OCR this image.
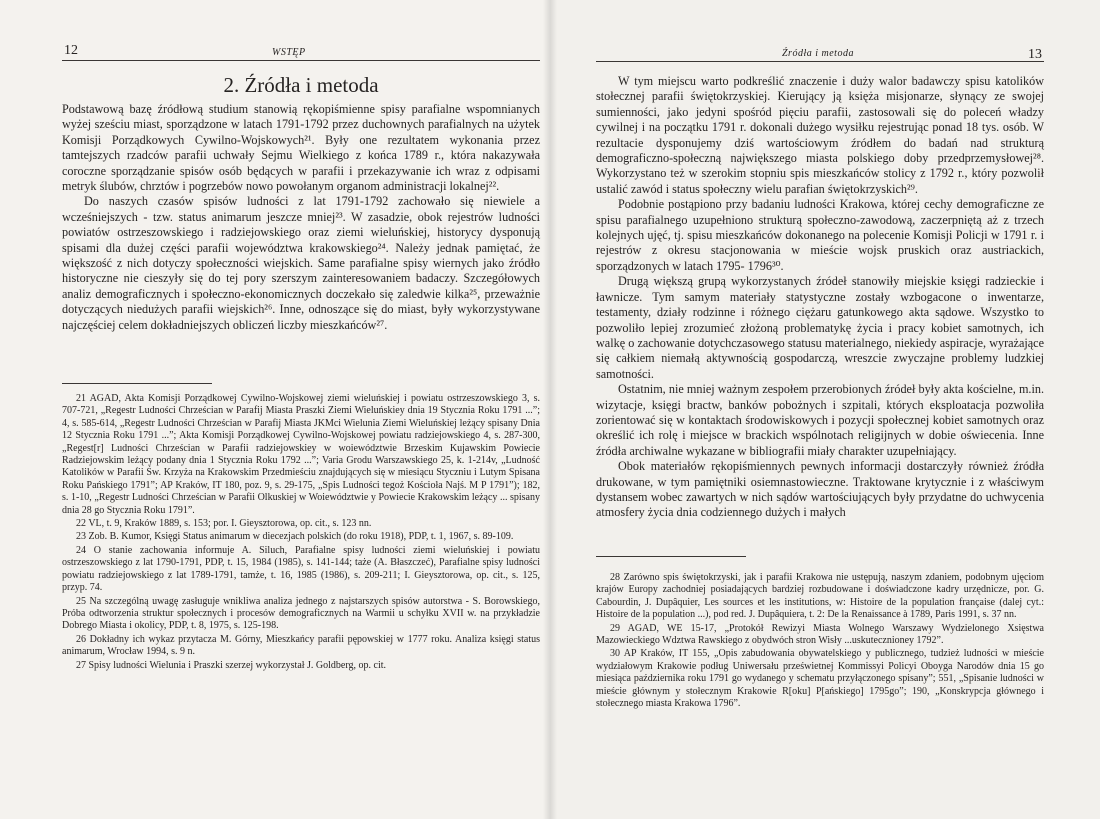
12	WSTĘP
2. Źródła i metoda

Podstawową bazę źródłową studium stanowią rękopiśmienne spisy parafialne wspomnianych wyżej sześciu miast, sporządzone w latach 1791-1792 przez duchownych parafialnych na użytek Komisji Porządkowych Cywilno-Wojskowych²¹. Były one rezultatem wykonania przez tamtejszych rzadców parafii uchwały Sejmu Wielkiego z końca 1789 r., która nakazywała coroczne sporządzanie spisów osób będących w parafii i przekazywanie ich wraz z odpisami metryk ślubów, chrztów i pogrzebów nowo powołanym organom administracji lokalnej²².

Do naszych czasów spisów ludności z lat 1791-1792 zachowało się niewiele a wcześniejszych - tzw. status animarum jeszcze mniej²³. W zasadzie, obok rejestrów ludności powiatów ostrzeszowskiego i radziejowskiego oraz ziemi wieluńskiej, historycy dysponują spisami dla dużej części parafii województwa krakowskiego²⁴. Należy jednak pamiętać, że większość z nich dotyczy społeczności wiejskich. Same parafialne spisy wiernych jako źródło historyczne nie cieszyły się do tej pory szerszym zainteresowaniem badaczy. Szczegółowych analiz demograficznych i społeczno-ekonomicznych doczekało się zaledwie kilka²⁵, przeważnie dotyczących niedużych parafii wiejskich²⁶. Inne, odnoszące się do miast, były wykorzystywane najczęściej celem dokładniejszych obliczeń liczby mieszkańców²⁷.

21 AGAD, Akta Komisji Porządkowej Cywilno-Wojskowej ziemi wieluńskiej i powiatu ostrzeszowskiego 3, s. 707-721, „Regestr Ludności Chrześcian w Parafij Miasta Praszki Ziemi Wieluńskiey dnia 19 Stycznia Roku 1791 ...”; 4, s. 585-614, „Regestr Ludności Chrześcian w Parafij Miasta JKMci Wielunia Ziemi Wieluńskiej leżący spisany Dnia 12 Stycznia Roku 1791 ...”; Akta Komisji Porządkowej Cywilno-Wojskowej powiatu radziejowskiego 4, s. 287-300, „Regest[r] Ludności Chrześcian w Parafii radziejowskiey w woiewództwie Brzeskim Kujawskim Powiecie Radziejowskim leżący podany dnia 1 Stycznia Roku 1792 ...”; Varia Grodu Warszawskiego 25, k. 1-214v, „Ludność Katolików w Parafii Św. Krzyża na Krakowskim Przedmieściu znajdujących się w miesiącu Styczniu i Lutym Spisana Roku Pańskiego 1791”; AP Kraków, IT 180, poz. 9, s. 29-175, „Spis Ludności tegoż Kościoła Najś. M P 1791”); 182, s. 1-10, „Regestr Ludności Chrześcian w Parafii Olkuskiej w Woiewództwie y Powiecie Krakowskim leżący ... spisany dnia 28 go Stycznia Roku 1791”.

22 VL, t. 9, Kraków 1889, s. 153; por. I. Gieysztorowa, op. cit., s. 123 nn.

23 Zob. B. Kumor, Księgi Status animarum w diecezjach polskich (do roku 1918), PDP, t. 1, 1967, s. 89-109.

24 O stanie zachowania informuje A. Siluch, Parafialne spisy ludności ziemi wieluńskiej i powiatu ostrzeszowskiego z lat 1790-1791, PDP, t. 15, 1984 (1985), s. 141-144; taże (A. Błaszczeć), Parafialne spisy ludności powiatu radziejowskiego z lat 1789-1791, tamże, t. 16, 1985 (1986), s. 209-211; I. Gieysztorowa, op. cit., s. 125, przyp. 74.

25 Na szczególną uwagę zasługuje wnikliwa analiza jednego z najstarszych spisów autorstwa - S. Borowskiego, Próba odtworzenia struktur społecznych i procesów demograficznych na Warmii u schyłku XVII w. na przykładzie Dobrego Miasta i okolicy, PDP, t. 8, 1975, s. 125-198.

26 Dokładny ich wykaz przytacza M. Górny, Mieszkańcy parafii pępowskiej w 1777 roku. Analiza księgi status animarum, Wrocław 1994, s. 9 n.

27 Spisy ludności Wielunia i Praszki szerzej wykorzystał J. Goldberg, op. cit.

Źródła i metoda	13

W tym miejscu warto podkreślić znaczenie i duży walor badawczy spisu katolików stołecznej parafii świętokrzyskiej. Kierujący ją księża misjonarze, słynący ze swojej sumienności, jako jedyni spośród pięciu parafii, zastosowali się do poleceń władzy cywilnej i na początku 1791 r. dokonali dużego wysiłku rejestrując ponad 18 tys. osób. W rezultacie dysponujemy dziś wartościowym źródłem do badań nad strukturą demograficzno-społeczną największego miasta polskiego doby przedprzemysłowej²⁸. Wykorzystano też w szerokim stopniu spis mieszkańców stolicy z 1792 r., który pozwolił ustalić zawód i status społeczny wielu parafian świętokrzyskich²⁹.

Podobnie postąpiono przy badaniu ludności Krakowa, której cechy demograficzne ze spisu parafialnego uzupełniono strukturą społeczno-zawodową, zaczerpniętą aż z trzech kolejnych ujęć, tj. spisu mieszkańców dokonanego na polecenie Komisji Policji w 1791 r. i rejestrów z okresu stacjonowania w mieście wojsk pruskich oraz austriackich, sporządzonych w latach 1795- 1796³⁰.

Drugą większą grupą wykorzystanych źródeł stanowiły miejskie księgi radzieckie i ławnicze. Tym samym materiały statystyczne zostały wzbogacone o inwentarze, testamenty, działy rodzinne i różnego ciężaru gatunkowego akta sądowe. Wszystko to pozwoliło lepiej zrozumieć złożoną problematykę życia i pracy kobiet samotnych, ich walkę o zachowanie dotychczasowego statusu materialnego, niekiedy aspiracje, wyrażające się całkiem niemałą aktywnością gospodarczą, wreszcie zwyczajne problemy ludzkiej samotności.

Ostatnim, nie mniej ważnym zespołem przerobionych źródeł były akta kościelne, m.in. wizytacje, księgi bractw, banków pobożnych i szpitali, których eksploatacja pozwoliła zorientować się w kontaktach środowiskowych i pozycji społecznej kobiet samotnych oraz określić ich rolę i miejsce w brackich wspólnotach religijnych w dobie oświecenia. Inne źródła archiwalne wykazane w bibliografii miały charakter uzupełniający.

Obok materiałów rękopiśmiennych pewnych informacji dostarczyły również źródła drukowane, w tym pamiętniki osiemnastowieczne. Traktowane krytycznie i z właściwym dystansem wobec zawartych w nich sądów wartościujących były przydatne do uchwycenia atmosfery życia dnia codziennego dużych i małych

28 Zarówno spis świętokrzyski, jak i parafii Krakowa nie ustępują, naszym zdaniem, podobnym ujęciom krajów Europy zachodniej posiadających bardziej rozbudowane i doświadczone kadry urzędnicze, por. G. Cabourdin, J. Dupâquier, Les sources et les institutions, w: Histoire de la population française (dalej cyt.: Histoire de la population ...), pod red. J. Dupâquiera, t. 2: De la Renaissance à 1789, Paris 1991, s. 37 nn.

29 AGAD, WE 15-17, „Protokół Rewizyi Miasta Wolnego Warszawy Wydzielonego Xsięstwa Mazowieckiego Wdztwa Rawskiego z obydwóch stron Wisły ...uskutecznioney 1792”.

30 AP Kraków, IT 155, „Opis zabudowania obywatelskiego y publicznego, tudzież ludności w mieście wydziałowym Krakowie podług Uniwersału prześwietnej Kommissyi Policyi Oboyga Narodów dnia 15 go miesiąca października roku 1791 go wydanego y schematu przyłączonego spisany”; 551, „Spisanie ludności w mieście głównym y stołecznym Krakowie R[oku] P[ańskiego] 1795go”; 190, „Konskrypcja głównego i stołecznego miasta Krakowa 1796”.
